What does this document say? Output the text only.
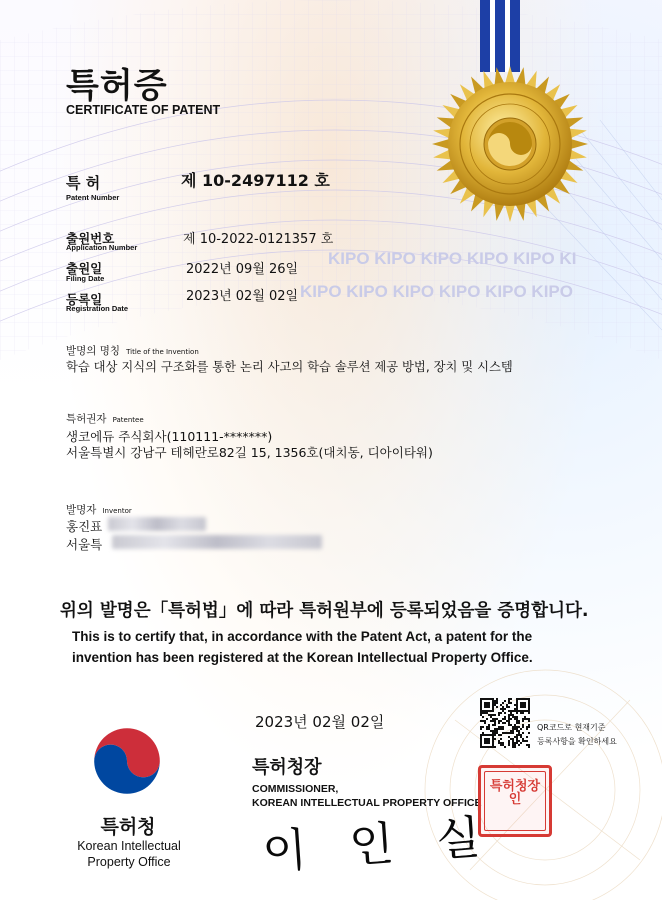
KIPO KIPO KIPO KIPO KIPO KI
KIPO KIPO KIPO KIPO KIPO KIPO
특허증
CERTIFICATE OF PATENT
특 허
Patent Number
제 10-2497112 호
출원번호
Application Number
제 10-2022-0121357 호
출원일
Filing Date
2022년 09월 26일
등록일
Registration Date
2023년 02월 02일
발명의 명칭 Title of the Invention
학습 대상 지식의 구조화를 통한 논리 사고의 학습 솔루션 제공 방법, 장치 및 시스템
특허권자 Patentee
생코에듀 주식회사(110111-*******)
서울특별시 강남구 테헤란로82길 15, 1356호(대치동, 디아이타워)
발명자 Inventor
홍진표
서울특
위의 발명은「특허법」에 따라 특허원부에 등록되었음을 증명합니다.
This is to certify that, in accordance with the Patent Act, a patent for the
invention has been registered at the Korean Intellectual Property Office.
2023년 02월 02일	QR코드로 현재기준
등록사항을 확인하세요
특허청장
COMMISSIONER,
KOREAN INTELLECTUAL PROPERTY OFFICE
이 인 실
특허청장인
특허청
Korean Intellectual
Property Office
